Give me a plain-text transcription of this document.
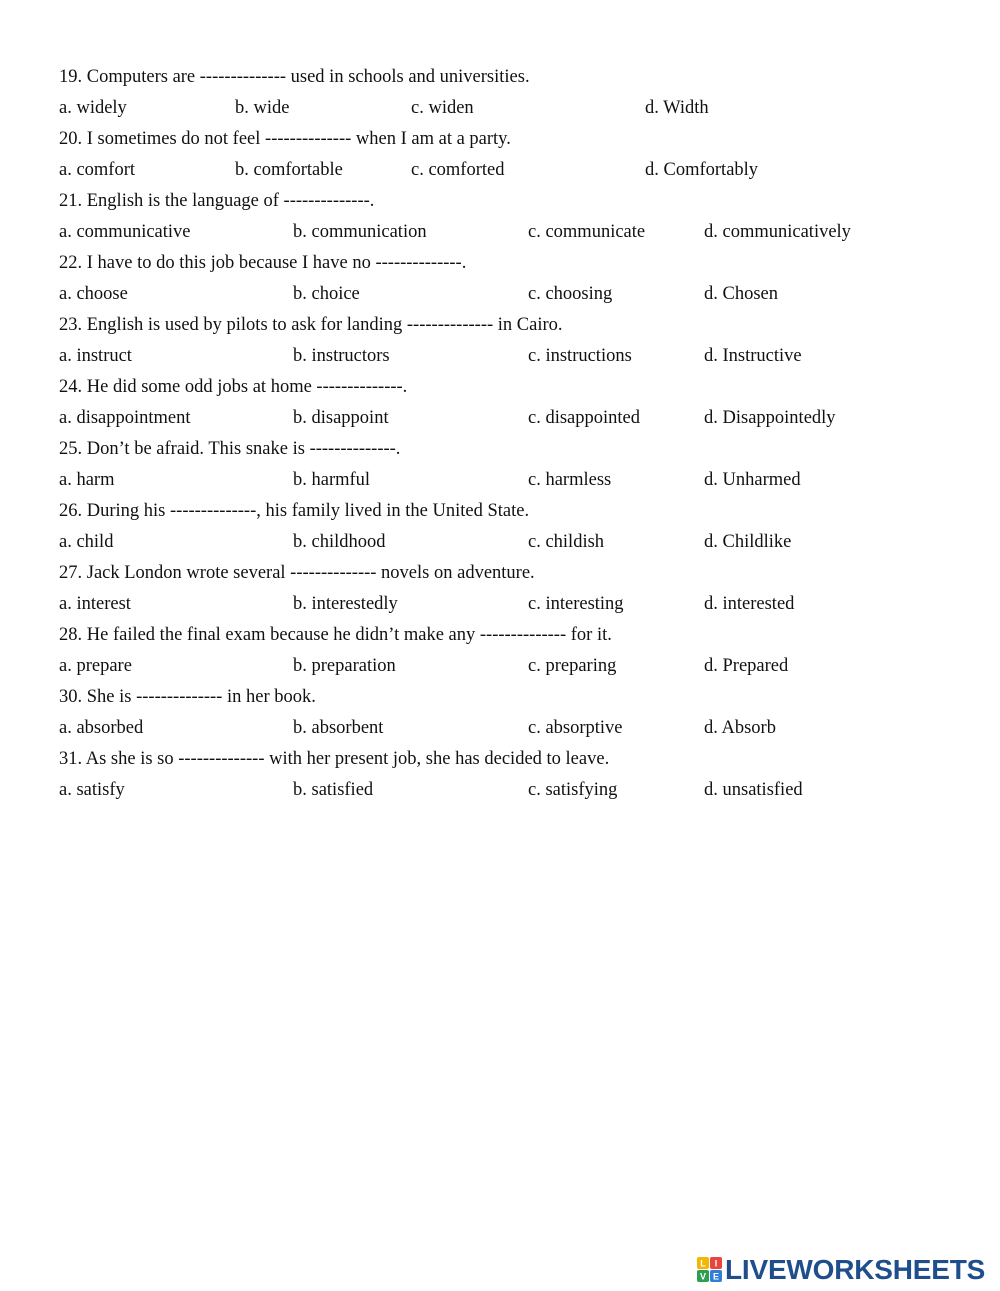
19. Computers are -------------- used in schools and universities.
a. widely	b. wide	c. widen	d. Width
20. I sometimes do not feel -------------- when I am at a party.
a. comfort	b. comfortable	c. comforted	d. Comfortably
21. English is the language of --------------.
a. communicative	b. communication	c. communicate	d. communicatively
22. I have to do this job because I have no --------------.
a. choose	b. choice	c. choosing	d. Chosen
23. English is used by pilots to ask for landing -------------- in Cairo.
a. instruct	b. instructors	c. instructions	d. Instructive
24. He did some odd jobs at home --------------.
a. disappointment	b. disappoint	c. disappointed	d. Disappointedly
25. Don’t be afraid. This snake is --------------.
a. harm	b. harmful	c. harmless	d. Unharmed
26. During his --------------, his family lived in the United State.
a. child	b. childhood	c. childish	d. Childlike
27. Jack London wrote several -------------- novels on adventure.
a. interest	b. interestedly	c. interesting	d. interested
28. He failed the final exam because he didn’t make any -------------- for it.
a. prepare	b. preparation	c. preparing	d. Prepared
30. She is -------------- in her book.
a. absorbed	b. absorbent	c. absorptive	d. Absorb
31. As she is so -------------- with her present job, she has decided to leave.
a. satisfy	b. satisfied	c. satisfying	d. unsatisfied
L I
V E LIVEWORKSHEETS
